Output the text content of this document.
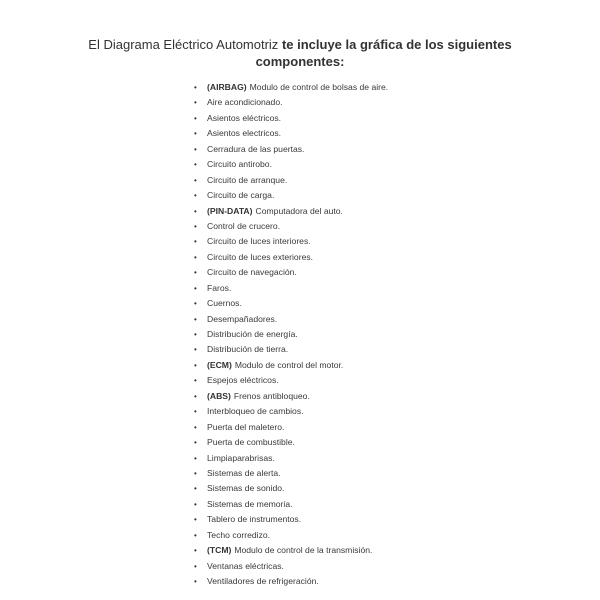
El Diagrama Eléctrico Automotriz te incluye la gráfica de los siguientes
componentes:
•	(AIRBAG) Modulo de control de bolsas de aire.
•	Aire acondicionado.
•	Asientos eléctricos.
•	Asientos electricos.
•	Cerradura de las puertas.
•	Circuito antirobo.
•	Circuito de arranque.
•	Circuito de carga.
•	(PIN-DATA) Computadora del auto.
•	Control de crucero.
•	Circuito de luces interiores.
•	Circuito de luces exteriores.
•	Circuito de navegación.
•	Faros.
•	Cuernos.
•	Desempañadores.
•	Distribución de energía.
•	Distribución de tierra.
•	(ECM) Modulo de control del motor.
•	Espejos eléctricos.
•	(ABS) Frenos antibloqueo.
•	Interbloqueo de cambios.
•	Puerta del maletero.
•	Puerta de combustible.
•	Limpiaparabrisas.
•	Sistemas de alerta.
•	Sistemas de sonido.
•	Sistemas de memoria.
•	Tablero de instrumentos.
•	Techo corredizo.
•	(TCM) Modulo de control de la transmisión.
•	Ventanas eléctricas.
•	Ventiladores de refrigeración.
